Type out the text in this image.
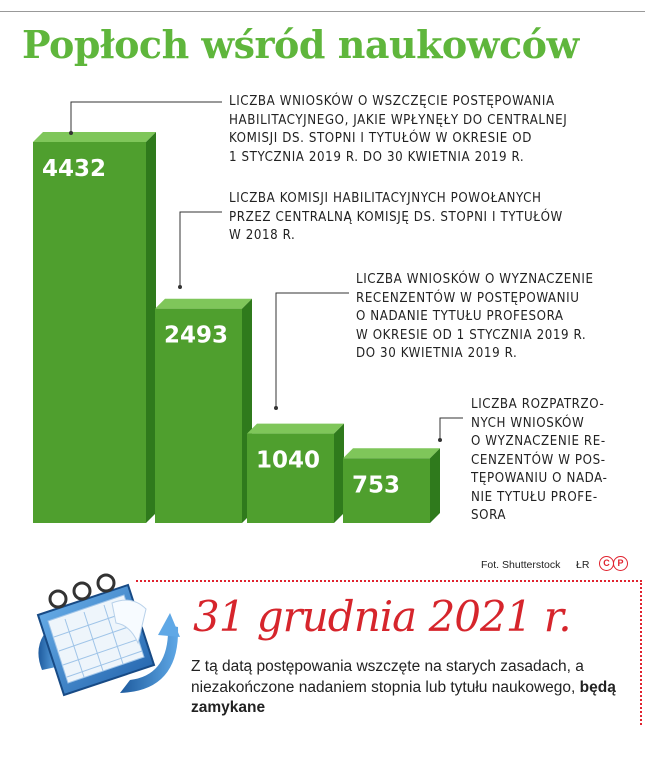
Popłoch wśród naukowców
4432
2493
1040
753
LICZBA WNIOSKÓW O WSZCZĘCIE POSTĘPOWANIA
HABILITACYJNEGO, JAKIE WPŁYNĘŁY DO CENTRALNEJ
KOMISJI DS. STOPNI I TYTUŁÓW W OKRESIE OD
1 STYCZNIA 2019 R. DO 30 KWIETNIA 2019 R.
LICZBA KOMISJI HABILITACYJNYCH POWOŁANYCH
PRZEZ CENTRALNĄ KOMISJĘ DS. STOPNI I TYTUŁÓW
W 2018 R.
LICZBA WNIOSKÓW O WYZNACZENIE
RECENZENTÓW W POSTĘPOWANIU
O NADANIE TYTUŁU PROFESORA
W OKRESIE OD 1 STYCZNIA 2019 R.
DO 30 KWIETNIA 2019 R.
LICZBA ROZPATRZO-
NYCH WNIOSKÓW
O WYZNACZENIE RE-
CENZENTÓW W POS-
TĘPOWANIU O NADA-
NIE TYTUŁU PROFE-
SORA
Fot. Shutterstock ŁR	C P
31 grudnia 2021 r.
Z tą datą postępowania wszczęte na starych zasadach, a niezakończone nadaniem stopnia lub tytułu naukowego, będą zamykane
